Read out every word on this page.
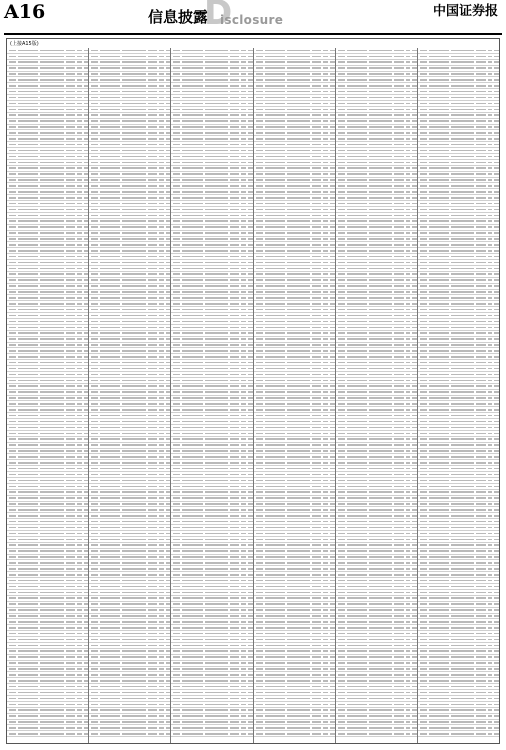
A16	信息披露
D
isclosure
中国证券报
(上接A15版)
